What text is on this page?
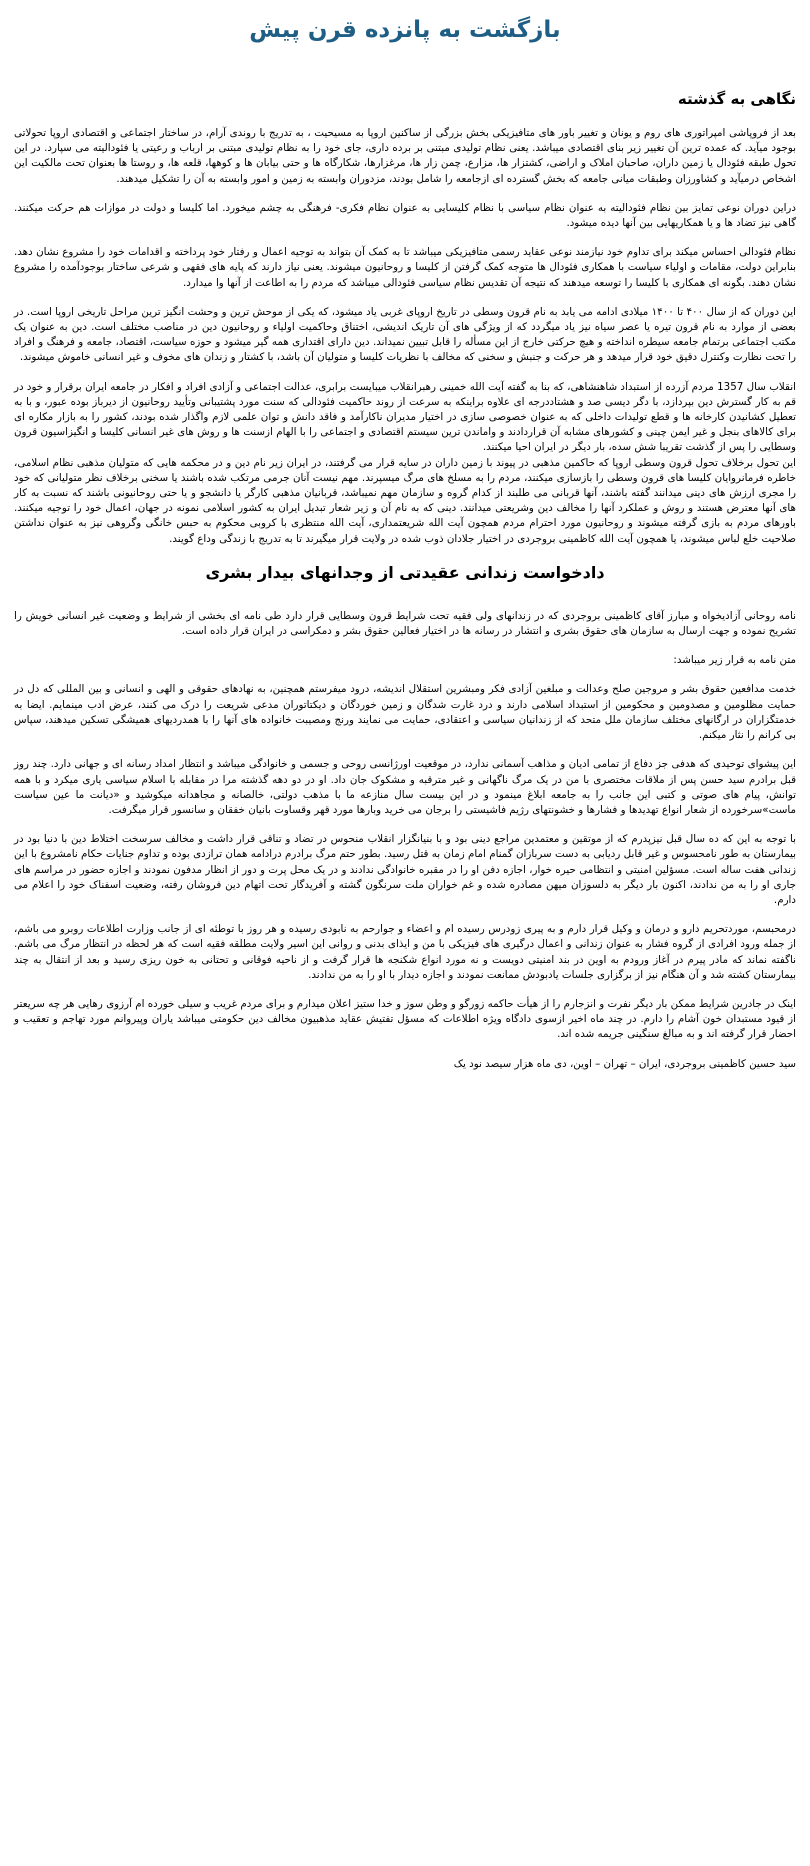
بازگشت به پانزده قرن پیش
نگاهی به گذشته

بعد از فروپاشی امپراتوری های روم و یونان و تغییر باور های متافیزیکی بخش بزرگی از ساکنین اروپا به مسیحیت ، به تدریج با روندی آرام، در ساختار اجتماعی و اقتصادی اروپا تحولاتی بوجود میآید. که عمده ترین آن تغییر زیر بنای اقتصادی میباشد. یعنی نظام تولیدی مبتنی بر برده داری، جای خود را به نظام تولیدی مبتنی بر ارباب و رعیتی یا فئودالیته می سپارد. در این تحول طبقه فئودال یا زمین داران، صاحبان املاک و اراضی، کشتزار ها، مزارع، چمن زار ها، مرغزارها، شکارگاه ها و حتی بیابان ها و کوهها، قلعه ها، و روستا ها بعنوان تحت مالکیت این اشخاص درمیآید و کشاورزان وطبقات میانی جامعه که بخش گسترده ای ازجامعه را شامل بودند، مزدوران وابسته به زمین و امور وابسته به آن را تشکیل میدهند.

دراین دوران نوعی تمایز بین نظام فئودالیته به عنوان نظام سیاسی با نظام کلیسایی به عنوان نظام فکری- فرهنگی به چشم میخورد. اما کلیسا و دولت در موازات هم حرکت میکنند. گاهی نیز تضاد ها و یا همکاریهایی بین آنها دیده میشود.

نظام فئودالی احساس میکند برای تداوم خود نیازمند نوعی عقاید رسمی متافیزیکی میباشد تا به کمک آن بتواند به توجیه اعمال و رفتار خود پرداخته و اقدامات خود را مشروع نشان دهد. بنابراین دولت، مقامات و اولیاء سیاست با همکاری فئودال ها متوجه کمک گرفتن از کلیسا و روحانیون میشوند. یعنی نیاز دارند که پایه های فقهی و شرعی ساختار بوجودآمده را مشروع نشان دهند. بگونه ای همکاری با کلیسا را توسعه میدهند که نتیجه آن تقدیس نظام سیاسی فئودالی میباشد که مردم را به اطاعت از آنها وا میدارد.

این دوران که از سال ۴۰۰ تا ۱۴۰۰ میلادی ادامه می یابد به نام قرون وسطی در تاریخ اروپای غربی یاد میشود، که یکی از موحش ترین و وحشت انگیز ترین مراحل تاریخی اروپا است. در بعضی از موارد به نام قرون تیره یا عصر سیاه نیز یاد میگردد که از ویژگی های آن تاریک اندیشی، اختناق وحاکمیت اولیاء و روحانیون دین در مناصب مختلف است. دین به عنوان یک مکتب اجتماعی برتمام جامعه سیطره انداخته و هیچ حرکتی خارج از این مسأله را قابل تبیین نمیداند. دین دارای اقتداری همه گیر میشود و حوزه سیاست، اقتصاد، جامعه و فرهنگ و افراد را تحت نظارت وکنترل دقیق خود قرار میدهد و هر حرکت و جنبش و سخنی که مخالف با نظریات کلیسا و متولیان آن باشد، با کشتار و زندان های مخوف و غیر انسانی خاموش میشوند.

انقلاب سال 1357 مردم آزرده از استبداد شاهنشاهی، که بنا به گفته آیت الله خمینی رهبرانقلاب میبایست برابری، عدالت اجتماعی و آزادی افراد و افکار در جامعه ایران برقرار و خود در قم به کار گسترش دین بپردازد، با دگر دیسی صد و هشتاددرجه ای علاوه براینکه به سرعت از روند حاکمیت فئودالی که سنت مورد پشتیبانی وتأیید روحانیون از دیرباز بوده عبور، و با به تعطیل کشانیدن کارخانه ها و قطع تولیدات داخلی که به عنوان خصوصی سازی در اختیار مدیران ناکارآمد و فاقد دانش و توان علمی لازم واگذار شده بودند، کشور را به بازار مکاره ای برای کالاهای بنجل و غیر ایمن چینی و کشورهای مشابه آن قراردادند و واماندن ترین سیستم اقتصادی و اجتماعی را با الهام ازسنت ها و روش های غیر انسانی کلیسا و انگیزاسیون قرون وسطایی را پس از گذشت تقریبا شش سده، بار دیگر در ایران احیا میکنند.

این تحول برخلاف تحول قرون وسطی اروپا که حاکمین مذهبی در پیوند با زمین داران در سایه قرار می گرفتند، در ایران زیر نام دین و در محکمه هایی که متولیان مذهبی نظام اسلامی، خاطره فرمانروایان کلیسا های قرون وسطی را بازسازی میکنند، مردم را به مسلخ های مرگ میسپرند. مهم نیست آنان جرمی مرتکب شده باشند یا سخنی برخلاف نظر متولیانی که خود را مجری ارزش های دینی میدانند گفته باشند، آنها قربانی می طلبند از کدام گروه و سازمان مهم نمیباشد، قربانیان مذهبی کارگر یا دانشجو و یا حتی روحانیونی باشند که نسبت به کار های آنها معترض هستند و روش و عملکرد آنها را مخالف دین وشریعتی میدانند. دینی که به نام آن و زیر شعار تبدیل ایران به کشور اسلامی نمونه در جهان، اعمال خود را توجیه میکنند. باورهای مردم به بازی گرفته میشوند و روحانیون مورد احترام مردم همچون آیت الله شریعتمداری، آیت الله منتظری با کروبی محکوم به حبس خانگی وگروهی نیز به عنوان نداشتن صلاحیت خلع لباس میشوند، یا همچون آیت الله کاظمینی بروجردی در اختیار جلادان ذوب شده در ولایت قرار میگیرند تا به تدریج با زندگی وداع گویند.

دادخواست زندانی عقیدتی از وجدانهای بیدار بشری

نامه روحانی آزادیخواه و مبارز آقای کاظمینی بروجردی که در زندانهای ولی فقیه تحت شرایط قرون وسطایی قرار دارد طی نامه ای بخشی از شرایط و وضعیت غیر انسانی خویش را تشریح نموده و جهت ارسال به سازمان های حقوق بشری و انتشار در رسانه ها در اختیار فعالین حقوق بشر و دمکراسی در ایران قرار داده است.

متن نامه به قرار زیر میباشد:

خدمت مدافعین حقوق بشر و مروجین صلح وعدالت و مبلغین آزادی فکر ومبشرین استقلال اندیشه، درود میفرستم همچنین، به نهادهای حقوقی و الهی و انسانی و بین المللی که دل در حمایت مظلومین و مصدومین و محکومین از استبداد اسلامی دارند و درد غارت شدگان و زمین خوردگان و دیکتاتوران مدعی شریعت را درک می کنند، عرض ادب مینمایم. ایضا به خدمتگزاران در ارگانهای مختلف سازمان ملل متحد که از زندانیان سیاسی و اعتقادی، حمایت می نمایند ورنج ومصیبت خانواده های آنها را با همدردیهای همیشگی تسکین میدهند، سپاس بی کرانم را نثار میکنم.

این پیشوای توحیدی که هدفی جز دفاع از تمامی ادیان و مذاهب آسمانی ندارد، در موقعیت اورژانسی روحی و جسمی و خانوادگی میباشد و انتظار امداد رسانه ای و جهانی دارد. چند روز قبل برادرم سید حسن پس از ملاقات مختصری با من در یک مرگ ناگهانی و غیر مترقبه و مشکوک جان داد. او در دو دهه گذشته مرا در مقابله با اسلام سیاسی یاری میکرد و با همه توانش، پیام های صوتی و کتبی این جانب را به جامعه ابلاغ مینمود و در این بیست سال منازعه ما با مذهب دولتی، خالصانه و مجاهدانه میکوشید و «دیانت ما عین سیاست ماست»سرخورده از شعار انواع تهدیدها و فشارها و خشونتهای رژیم فاشیستی را برجان می خرید وبارها مورد قهر وقساوت بانیان خفقان و سانسور قرار میگرفت.

با توجه به این که ده سال قبل نیزپدرم که از موتقین و معتمدین مراجع دینی بود و با بنیانگزار انقلاب منحوس در تضاد و تناقی قرار داشت و مخالف سرسخت اختلاط دین با دنیا بود در بیمارستان به طور نامحسوس و غیر قابل ردیابی به دست سربازان گمنام امام زمان به قتل رسید. بطور حتم مرگ برادرم درادامه همان ترازدی بوده و تداوم جنایات حکام نامشروع با این زندانی هفت ساله است. مسؤلین امنیتی و انتظامی حیره خوار، اجازه دفن او را در مقبره خانوادگی ندادند و در یک محل پرت و دور از انظار مدفون نمودند و اجازه حضور در مراسم های جاری او را به من ندادند، اکنون بار دیگر به دلسوزان میهن مصادره شده و غم خواران ملت سرنگون گشته و آفریدگار تحت اتهام دین فروشان رفته، وضعیت اسفناک خود را اعلام می دارم.

درمحبسم، موردتحریم دارو و درمان و وکیل قرار دارم و به پیری زودرس رسیده ام و اعضاء و جوارحم به نابودی رسیده و هر روز با توطئه ای از جانب وزارت اطلاعات روبرو می باشم، از جمله ورود افرادی از گروه فشار به عنوان زندانی و اعمال درگیری های فیزیکی با من و ایذای بدنی و روانی این اسیر ولایت مطلقه فقیه است که هر لحظه در انتظار مرگ می باشم. ناگفته نماند که مادر پیرم در آغاز ورودم به اوین در بند امنیتی دویست و نه مورد انواع شکنجه ها قرار گرفت و از ناحیه فوقانی و تحتانی به خون ریزی رسید و بعد از انتقال به چند بیمارستان کشته شد و آن هنگام نیز از برگزاری جلسات یادبودش ممانعت نمودند و اجازه دیدار با او را به من ندادند.

اینک در جادرین شرایط ممکن بار دیگر نفرت و انزجارم را از هیأت حاکمه زورگو و وطن سوز و خدا ستیز اعلان میدارم و برای مردم غریب و سیلی خورده ام آرزوی رهایی هر چه سریعتر از قیود مستبدان خون آشام را دارم. در چند ماه اخیر ازسوی دادگاه ویژه اطلاعات که مسؤل تفتیش عقاید مذهبیون مخالف دین حکومتی میباشد یاران وپیروانم مورد تهاجم و تعقیب و احضار قرار گرفته اند و به مبالغ سنگینی جریمه شده اند.

سید حسین کاظمینی بروجردی، ایران – تهران – اوین، دی ماه هزار سیصد نود یک
